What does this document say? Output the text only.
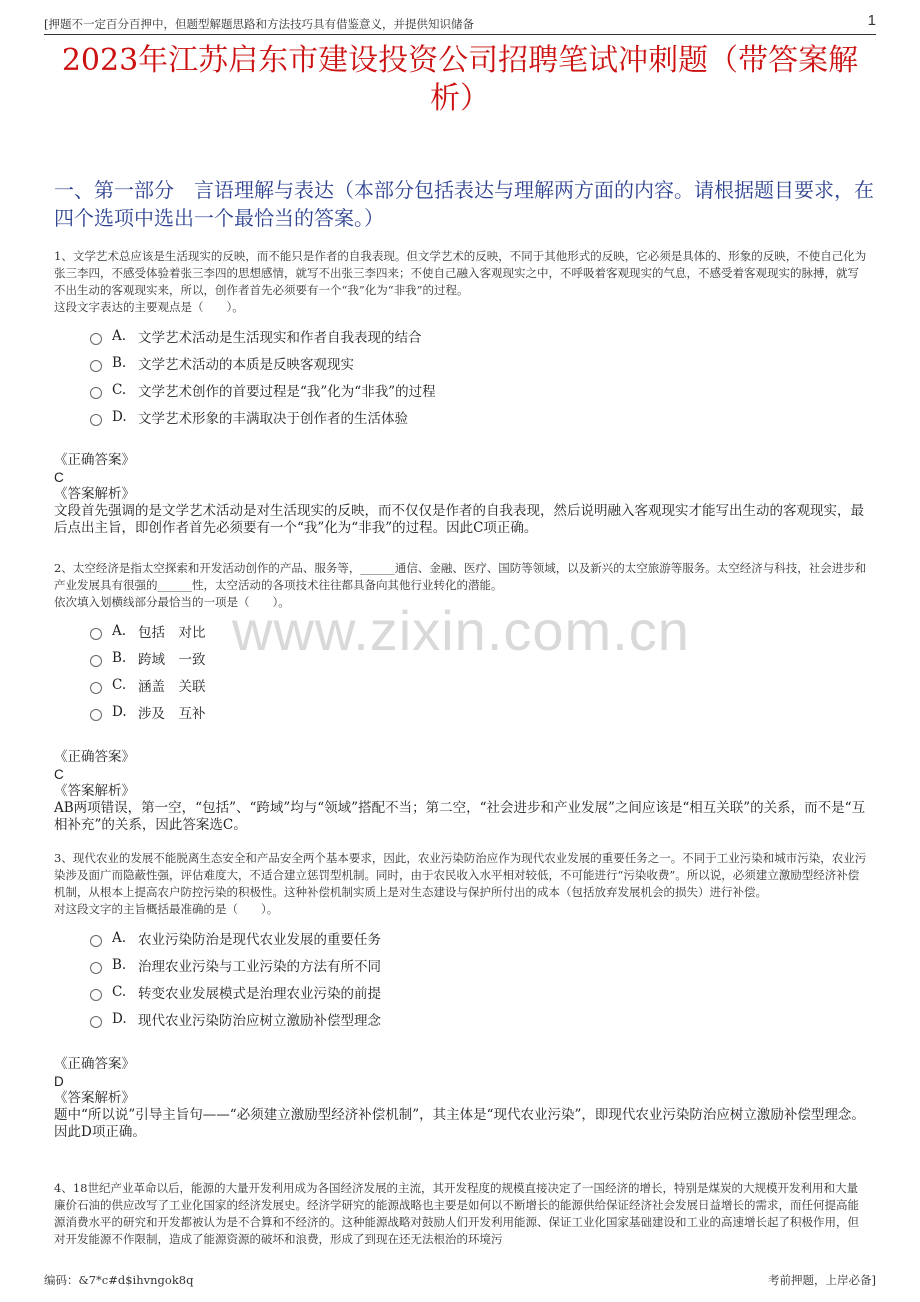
[押题不一定百分百押中，但题型解题思路和方法技巧具有借鉴意义，并提供知识储备	1
www.zixin.com.cn
2023年江苏启东市建设投资公司招聘笔试冲刺题（带答案解析）
一、第一部分　言语理解与表达（本部分包括表达与理解两方面的内容。请根据题目要求，在四个选项中选出一个最恰当的答案。）

1、文学艺术总应该是生活现实的反映，而不能只是作者的自我表现。但文学艺术的反映，不同于其他形式的反映，它必须是具体的、形象的反映，不使自己化为张三李四，不感受体验着张三李四的思想感情，就写不出张三李四来；不使自己融入客观现实之中，不呼吸着客观现实的气息，不感受着客观现实的脉搏，就写不出生动的客观现实来，所以，创作者首先必须要有一个“我”化为“非我”的过程。

这段文字表达的主要观点是（　　）。

A. 文学艺术活动是生活现实和作者自我表现的结合
B. 文学艺术活动的本质是反映客观现实
C. 文学艺术创作的首要过程是“我”化为“非我”的过程
D. 文学艺术形象的丰满取决于创作者的生活体验
《正确答案》
C
《答案解析》
文段首先强调的是文学艺术活动是对生活现实的反映，而不仅仅是作者的自我表现，然后说明融入客观现实才能写出生动的客观现实，最后点出主旨，即创作者首先必须要有一个“我”化为“非我”的过程。因此C项正确。

2、太空经济是指太空探索和开发活动创作的产品、服务等，______通信、金融、医疗、国防等领域，以及新兴的太空旅游等服务。太空经济与科技，社会进步和产业发展具有很强的______性，太空活动的各项技术往往都具备向其他行业转化的潜能。

依次填入划横线部分最恰当的一项是（　　）。

A. 包括　对比
B. 跨域　一致
C. 涵盖　关联
D. 涉及　互补
《正确答案》
C
《答案解析》
AB两项错误，第一空，“包括”、“跨域”均与“领域”搭配不当；第二空，“社会进步和产业发展”之间应该是“相互关联”的关系，而不是“互相补充”的关系，因此答案选C。

3、现代农业的发展不能脱离生态安全和产品安全两个基本要求，因此，农业污染防治应作为现代农业发展的重要任务之一。不同于工业污染和城市污染，农业污染涉及面广而隐蔽性强，评估难度大，不适合建立惩罚型机制。同时，由于农民收入水平相对较低，不可能进行“污染收费”。所以说，必须建立激励型经济补偿机制，从根本上提高农户防控污染的积极性。这种补偿机制实质上是对生态建设与保护所付出的成本（包括放弃发展机会的损失）进行补偿。

对这段文字的主旨概括最准确的是（　　）。

A. 农业污染防治是现代农业发展的重要任务
B. 治理农业污染与工业污染的方法有所不同
C. 转变农业发展模式是治理农业污染的前提
D. 现代农业污染防治应树立激励补偿型理念
《正确答案》
D
《答案解析》
题中“所以说”引导主旨句——“必须建立激励型经济补偿机制”，其主体是“现代农业污染”，即现代农业污染防治应树立激励补偿型理念。因此D项正确。

4、18世纪产业革命以后，能源的大量开发利用成为各国经济发展的主流，其开发程度的规模直接决定了一国经济的增长，特别是煤炭的大规模开发利用和大量廉价石油的供应改写了工业化国家的经济发展史。经济学研究的能源战略也主要是如何以不断增长的能源供给保证经济社会发展日益增长的需求，而任何提高能源消费水平的研究和开发都被认为是不合算和不经济的。这种能源战略对鼓励人们开发利用能源、保证工业化国家基础建设和工业的高速增长起了积极作用，但对开发能源不作限制，造成了能源资源的破坏和浪费，形成了到现在还无法根治的环境污

编码：&7*c#d$ihvngok8q	考前押题，上岸必备]
